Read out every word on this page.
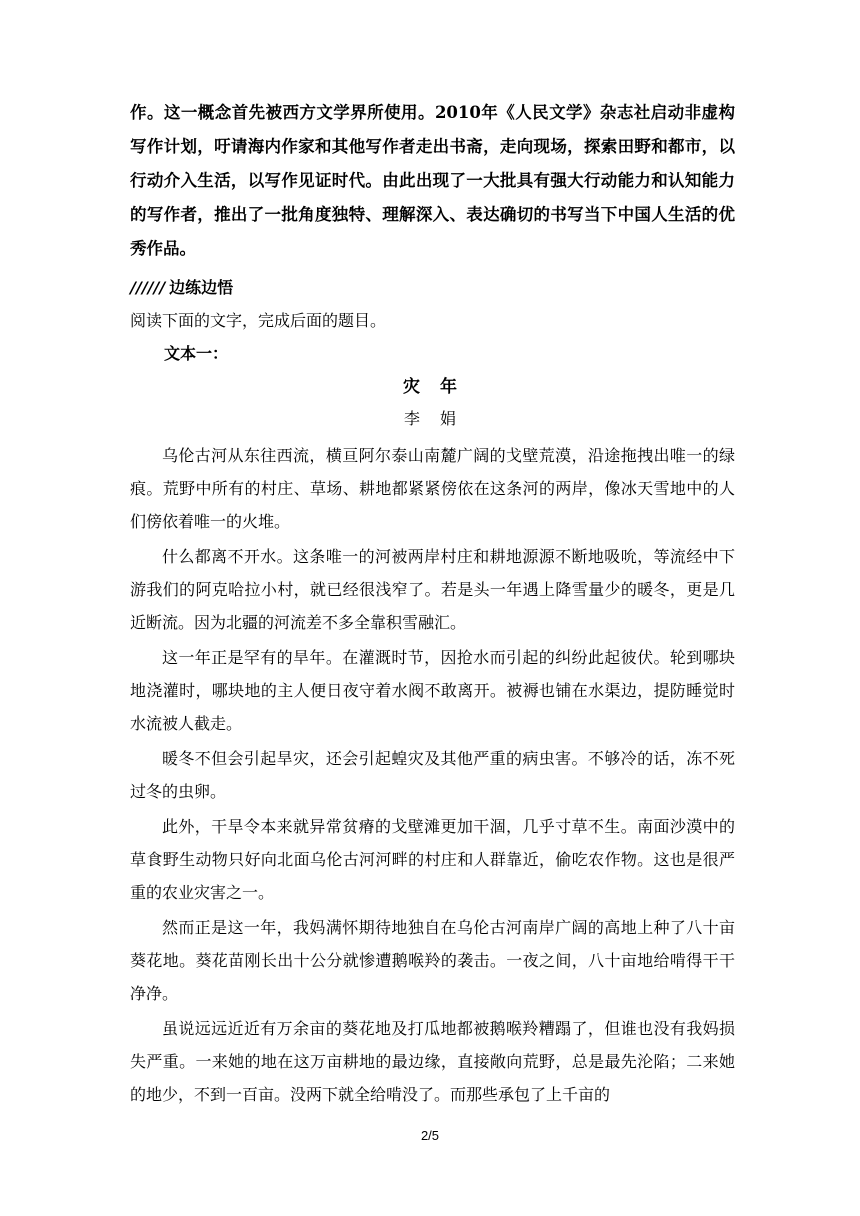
作。这一概念首先被西方文学界所使用。2010年《人民文学》杂志社启动非虚构写作计划，吁请海内作家和其他写作者走出书斋，走向现场，探索田野和都市，以行动介入生活，以写作见证时代。由此出现了一大批具有强大行动能力和认知能力的写作者，推出了一批角度独特、理解深入、表达确切的书写当下中国人生活的优秀作品。

////// 边练边悟
阅读下面的文字，完成后面的题目。
文本一：
灾年
李娟

乌伦古河从东往西流，横亘阿尔泰山南麓广阔的戈壁荒漠，沿途拖拽出唯一的绿痕。荒野中所有的村庄、草场、耕地都紧紧傍依在这条河的两岸，像冰天雪地中的人们傍依着唯一的火堆。

什么都离不开水。这条唯一的河被两岸村庄和耕地源源不断地吸吮，等流经中下游我们的阿克哈拉小村，就已经很浅窄了。若是头一年遇上降雪量少的暖冬，更是几近断流。因为北疆的河流差不多全靠积雪融汇。

这一年正是罕有的旱年。在灌溉时节，因抢水而引起的纠纷此起彼伏。轮到哪块地浇灌时，哪块地的主人便日夜守着水阀不敢离开。被褥也铺在水渠边，提防睡觉时水流被人截走。

暖冬不但会引起旱灾，还会引起蝗灾及其他严重的病虫害。不够冷的话，冻不死过冬的虫卵。

此外，干旱令本来就异常贫瘠的戈壁滩更加干涸，几乎寸草不生。南面沙漠中的草食野生动物只好向北面乌伦古河河畔的村庄和人群靠近，偷吃农作物。这也是很严重的农业灾害之一。

然而正是这一年，我妈满怀期待地独自在乌伦古河南岸广阔的高地上种了八十亩葵花地。葵花苗刚长出十公分就惨遭鹅喉羚的袭击。一夜之间，八十亩地给啃得干干净净。

虽说远远近近有万余亩的葵花地及打瓜地都被鹅喉羚糟蹋了，但谁也没有我妈损失严重。一来她的地在这万亩耕地的最边缘，直接敞向荒野，总是最先沦陷；二来她的地少，不到一百亩。没两下就全给啃没了。而那些承包了上千亩的

2/5
